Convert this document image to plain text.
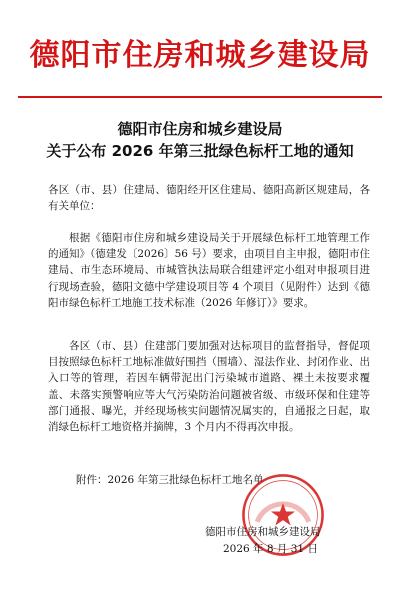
德阳市住房和城乡建设局
德阳市住房和城乡建设局
关于公布 2026 年第三批绿色标杆工地的通知
各区（市、县）住建局、德阳经开区住建局、德阳高新区规建局，各有关单位：
根据《德阳市住房和城乡建设局关于开展绿色标杆工地管理工作的通知》（德建发〔2026〕56 号）要求，由项目自主申报，德阳市住建局、市生态环境局、市城管执法局联合组建评定小组对申报项目进行现场查验，德阳文德中学建设项目等 4 个项目（见附件）达到《德阳市绿色标杆工地施工技术标准（2026 年修订）》要求。
各区（市、县）住建部门要加强对达标项目的监督指导，督促项目按照绿色标杆工地标准做好围挡（围墙）、湿法作业、封闭作业、出入口等的管理，若因车辆带泥出门污染城市道路、裸土未按要求覆盖、未落实预警响应等大气污染防治问题被省级、市级环保和住建等部门通报、曝光，并经现场核实问题情况属实的，自通报之日起，取消绿色标杆工地资格并摘牌，3 个月内不得再次申报。
附件：2026 年第三批绿色标杆工地名单
德阳市住房和城乡建设局
2026 年 8 月 31 日
